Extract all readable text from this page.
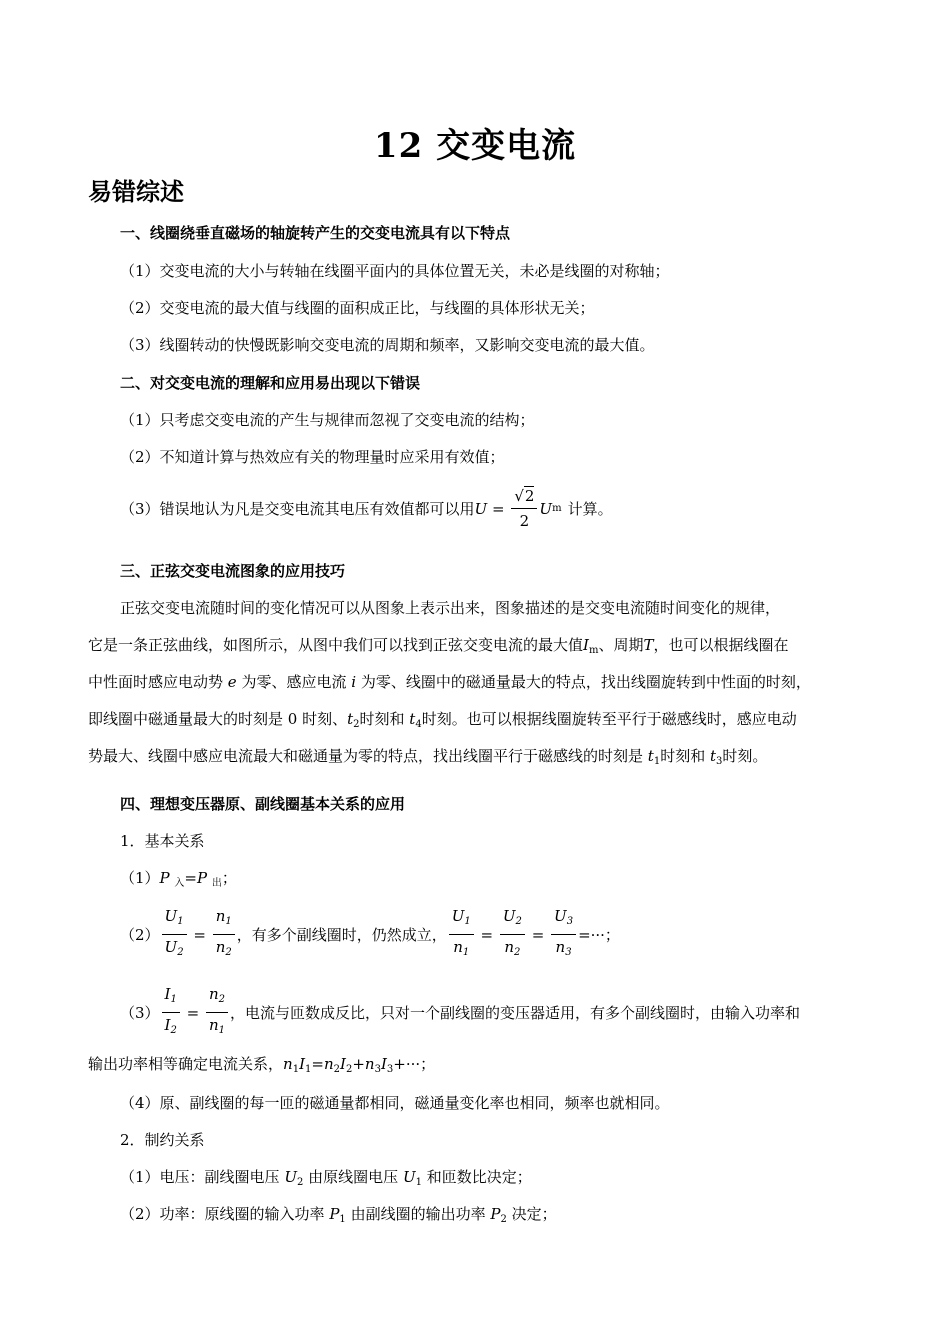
12 交变电流
易错综述
一、线圈绕垂直磁场的轴旋转产生的交变电流具有以下特点
（1）交变电流的大小与转轴在线圈平面内的具体位置无关，未必是线圈的对称轴；
（2）交变电流的最大值与线圈的面积成正比，与线圈的具体形状无关；
（3）线圈转动的快慢既影响交变电流的周期和频率，又影响交变电流的最大值。
二、对交变电流的理解和应用易出现以下错误
（1）只考虑交变电流的产生与规律而忽视了交变电流的结构；
（2）不知道计算与热效应有关的物理量时应采用有效值；
（3）错误地认为凡是交变电流其电压有效值都可以用 $U = \frac{√2}{2}$ U m 计算。
三、正弦交变电流图象的应用技巧
正弦交变电流随时间的变化情况可以从图象上表示出来，图象描述的是交变电流随时间变化的规律，
它是一条正弦曲线，如图所示，从图中我们可以找到正弦交变电流的最大值$I_m$、周期T，也可以根据线圈在
中性面时感应电动势 e 为零、感应电流 i 为零、线圈中的磁通量最大的特点，找出线圈旋转到中性面的时刻，
即线圈中磁通量最大的时刻是 0 时刻、$t_2$时刻和 $t_4$时刻。也可以根据线圈旋转至平行于磁感线时，感应电动
势最大、线圈中感应电流最大和磁通量为零的特点，找出线圈平行于磁感线的时刻是 $t_1$时刻和 $t_3$时刻。
四、理想变压器原、副线圈基本关系的应用
1．基本关系
（1）P $_入$=P $_出$；
$(2) \frac{U_1}{U_2} = \frac{n_1}{n_2}$ ，有多个副线圈时，仍然成立， $\frac{U_1}{n_1} = \frac{U_2}{n_2} = \frac{U_3}{n_3}$ =···；
$(3) \frac{I_1}{I_2} = \frac{n_2}{n_1}$ ，电流与匝数成反比，只对一个副线圈的变压器适用，有多个副线圈时，由输入功率和
输出功率相等确定电流关系，$n_1I_1=n_2I_2+n_3I_3+\cdot\cdot\cdot$；
（4）原、副线圈的每一匝的磁通量都相同，磁通量变化率也相同，频率也就相同。
2．制约关系
（1）电压：副线圈电压 $U_2$ 由原线圈电压 $U_1$ 和匝数比决定；
（2）功率：原线圈的输入功率 $P_1$ 由副线圈的输出功率 $P_2$ 决定；
